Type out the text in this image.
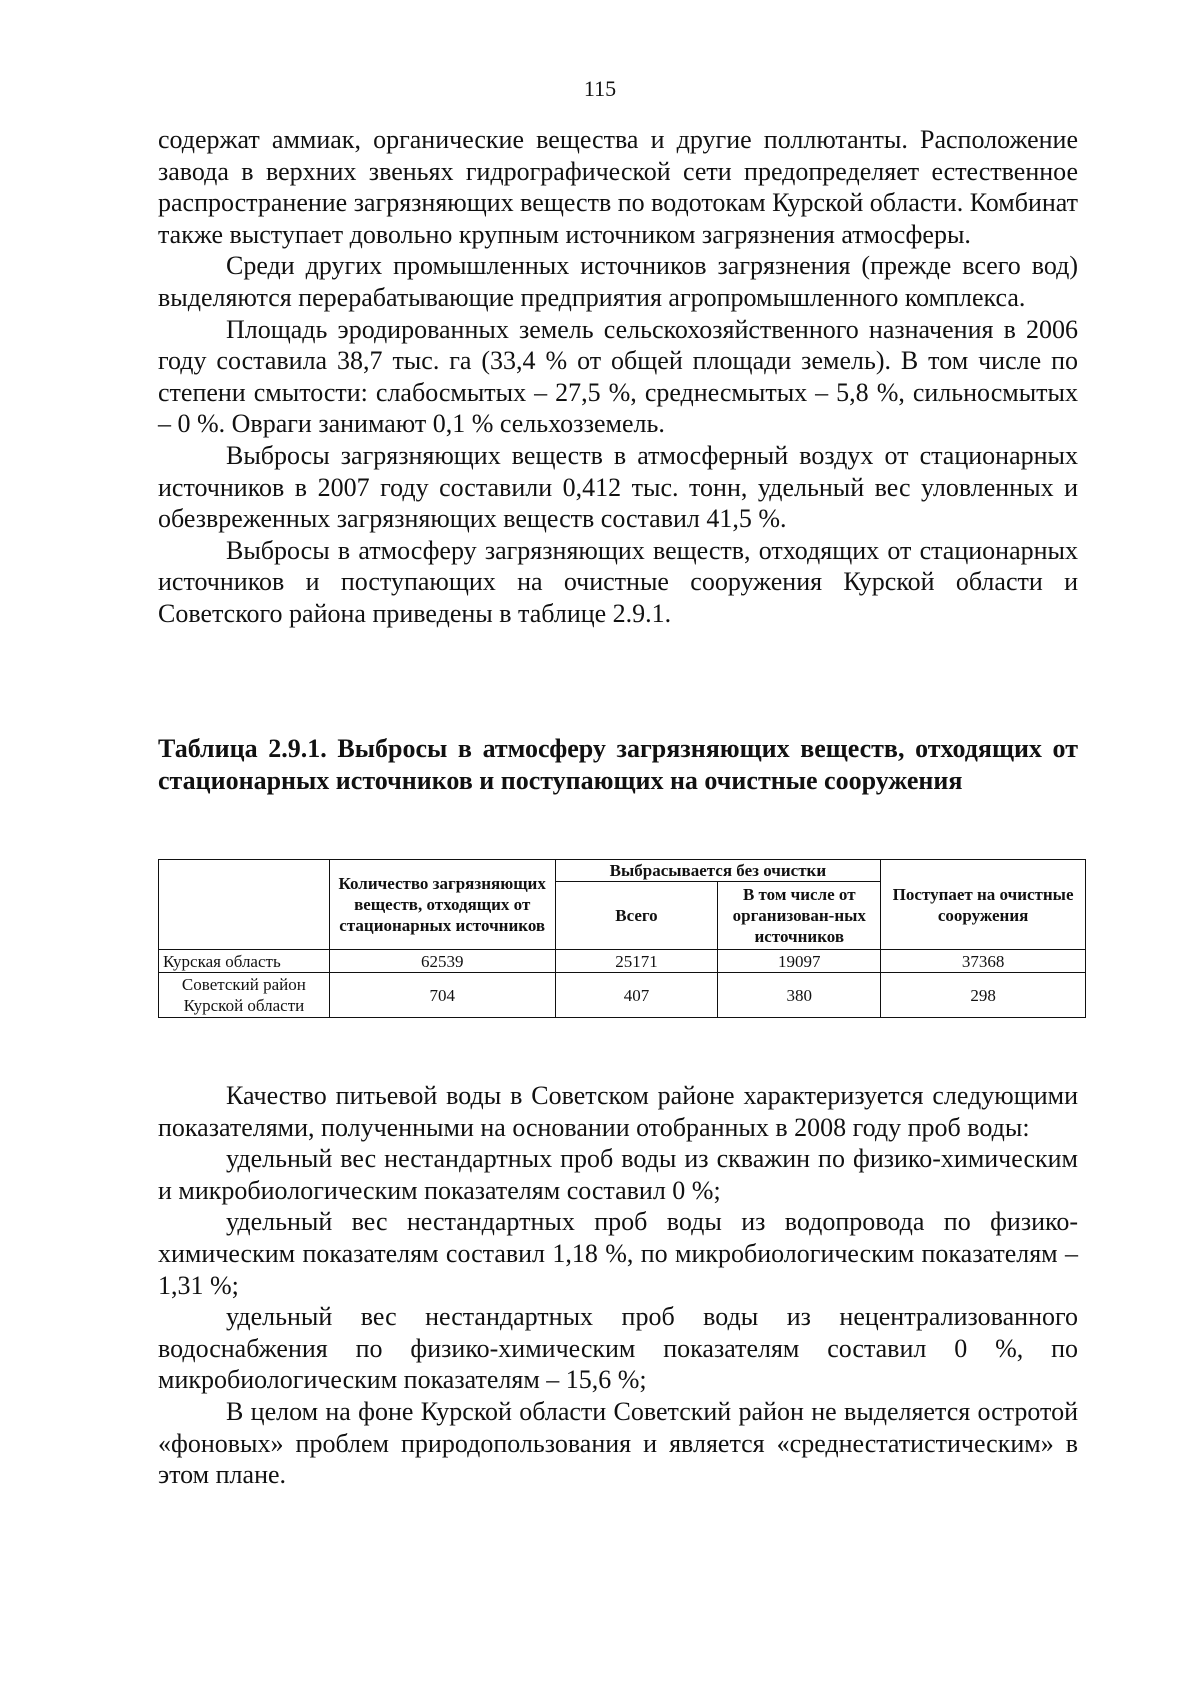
115

содержат аммиак, органические вещества и другие поллютанты. Расположение завода в верхних звеньях гидрографической сети предопределяет естественное распространение загрязняющих веществ по водотокам Курской области. Комбинат также выступает довольно крупным источником загрязнения атмосферы.

Среди других промышленных источников загрязнения (прежде всего вод) выделяются перерабатывающие предприятия агропромышленного комплекса.

Площадь эродированных земель сельскохозяйственного назначения в 2006 году составила 38,7 тыс. га (33,4 % от общей площади земель). В том числе по степени смытости: слабосмытых – 27,5 %, среднесмытых – 5,8 %, сильносмытых – 0 %. Овраги занимают 0,1 % сельхозземель.

Выбросы загрязняющих веществ в атмосферный воздух от стационарных источников в 2007 году составили 0,412 тыс. тонн, удельный вес уловленных и обезвреженных загрязняющих веществ составил 41,5 %.

Выбросы в атмосферу загрязняющих веществ, отходящих от стационарных источников и поступающих на очистные сооружения Курской области и Советского района приведены в таблице 2.9.1.

Таблица 2.9.1. Выбросы в атмосферу загрязняющих веществ, отходящих от стационарных источников и поступающих на очистные сооружения

	Количество загрязняющих веществ, отходящих от стационарных источников	Выбрасывается без очистки		Поступает на очистные сооружения
		Всего	В том числе от организован-ных источников	
Курская область	62539	25171	19097	37368
Советский район Курской области	704	407	380	298

Качество питьевой воды в Советском районе характеризуется следующими показателями, полученными на основании отобранных в 2008 году проб воды:

удельный вес нестандартных проб воды из скважин по физико-химическим и микробиологическим показателям составил 0 %;

удельный вес нестандартных проб воды из водопровода по физико-химическим показателям составил 1,18 %, по микробиологическим показателям – 1,31 %;

удельный вес нестандартных проб воды из нецентрализованного водоснабжения по физико-химическим показателям составил 0 %, по микробиологическим показателям – 15,6 %;

В целом на фоне Курской области Советский район не выделяется остротой «фоновых» проблем природопользования и является «среднестатистическим» в этом плане.
